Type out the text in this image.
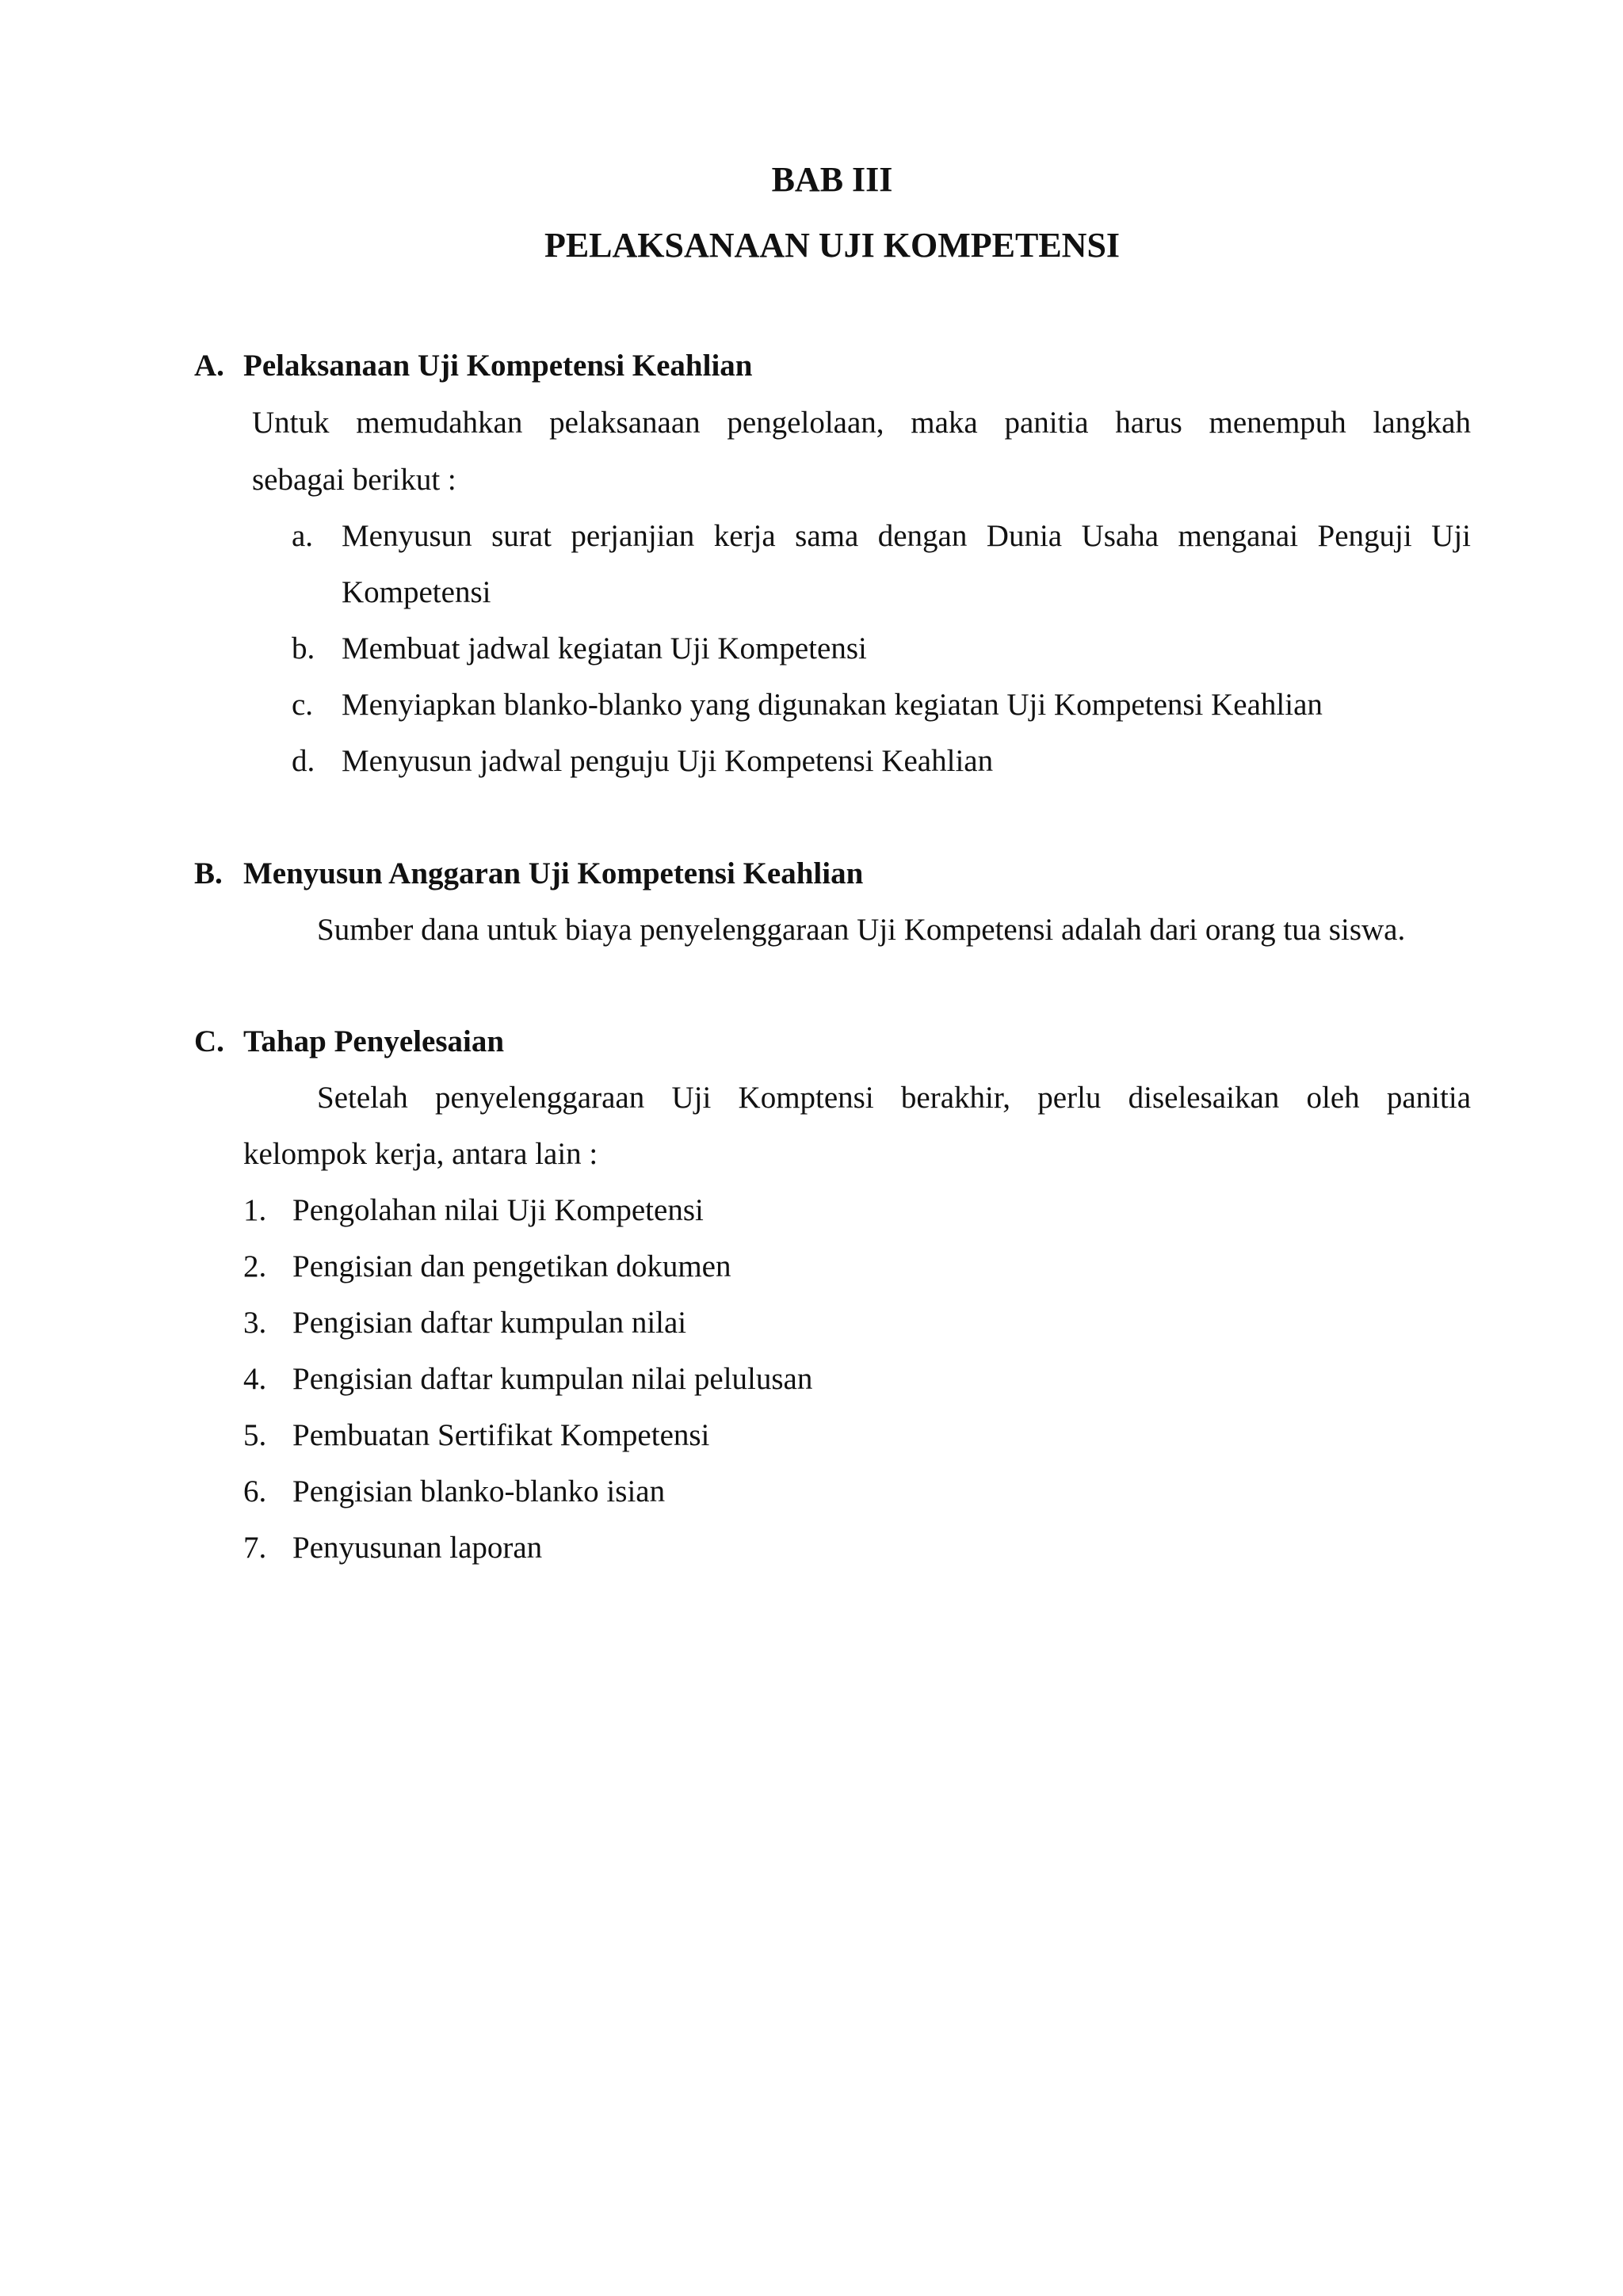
BAB III
PELAKSANAAN UJI KOMPETENSI
A. Pelaksanaan Uji Kompetensi Keahlian
Untuk memudahkan pelaksanaan pengelolaan, maka panitia harus menempuh langkah
sebagai berikut :
a. Menyusun surat perjanjian kerja sama dengan Dunia Usaha menganai Penguji Uji
Kompetensi
b. Membuat jadwal kegiatan Uji Kompetensi
c. Menyiapkan blanko-blanko yang digunakan kegiatan Uji Kompetensi Keahlian
d. Menyusun jadwal penguju Uji Kompetensi Keahlian
B. Menyusun Anggaran Uji Kompetensi Keahlian
Sumber dana untuk biaya penyelenggaraan Uji Kompetensi adalah dari orang tua siswa.
C. Tahap Penyelesaian
Setelah penyelenggaraan Uji Komptensi berakhir, perlu diselesaikan oleh panitia
kelompok kerja, antara lain :
1. Pengolahan nilai Uji Kompetensi
2. Pengisian dan pengetikan dokumen
3. Pengisian daftar kumpulan nilai
4. Pengisian daftar kumpulan nilai pelulusan
5. Pembuatan Sertifikat Kompetensi
6. Pengisian blanko-blanko isian
7. Penyusunan laporan
